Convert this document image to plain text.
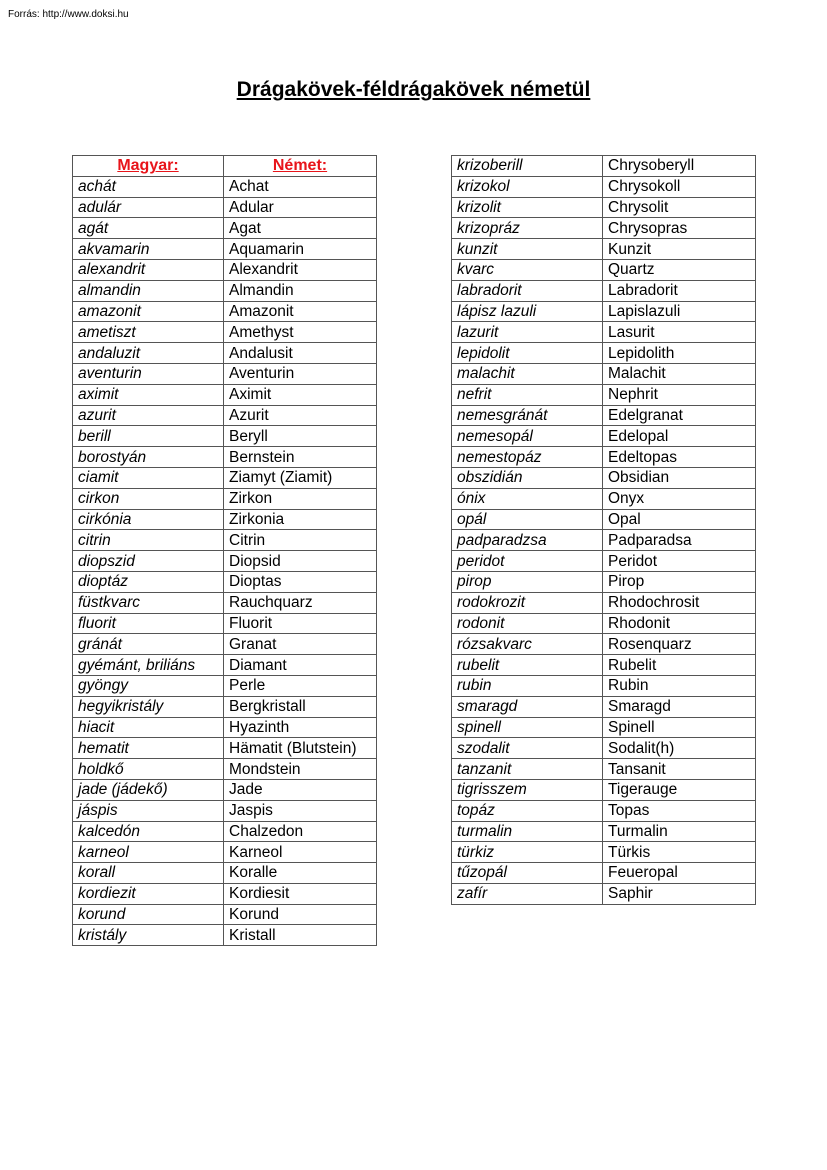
Forrás: http://www.doksi.hu
Drágakövek-féldrágakövek németül
Magyar:	Német:
achát	Achat
adulár	Adular
agát	Agat
akvamarin	Aquamarin
alexandrit	Alexandrit
almandin	Almandin
amazonit	Amazonit
ametiszt	Amethyst
andaluzit	Andalusit
aventurin	Aventurin
aximit	Aximit
azurit	Azurit
berill	Beryll
borostyán	Bernstein
ciamit	Ziamyt (Ziamit)
cirkon	Zirkon
cirkónia	Zirkonia
citrin	Citrin
diopszid	Diopsid
dioptáz	Dioptas
füstkvarc	Rauchquarz
fluorit	Fluorit
gránát	Granat
gyémánt, briliáns	Diamant
gyöngy	Perle
hegyikristály	Bergkristall
hiacit	Hyazinth
hematit	Hämatit (Blutstein)
holdkő	Mondstein
jade (jádekő)	Jade
jáspis	Jaspis
kalcedón	Chalzedon
karneol	Karneol
korall	Koralle
kordiezit	Kordiesit
korund	Korund
kristály	Kristall
krizoberill	Chrysoberyll
krizokol	Chrysokoll
krizolit	Chrysolit
krizopráz	Chrysopras
kunzit	Kunzit
kvarc	Quartz
labradorit	Labradorit
lápisz lazuli	Lapislazuli
lazurit	Lasurit
lepidolit	Lepidolith
malachit	Malachit
nefrit	Nephrit
nemesgránát	Edelgranat
nemesopál	Edelopal
nemestopáz	Edeltopas
obszidián	Obsidian
ónix	Onyx
opál	Opal
padparadzsa	Padparadsa
peridot	Peridot
pirop	Pirop
rodokrozit	Rhodochrosit
rodonit	Rhodonit
rózsakvarc	Rosenquarz
rubelit	Rubelit
rubin	Rubin
smaragd	Smaragd
spinell	Spinell
szodalit	Sodalit(h)
tanzanit	Tansanit
tigrisszem	Tigerauge
topáz	Topas
turmalin	Turmalin
türkiz	Türkis
tűzopál	Feueropal
zafír	Saphir
